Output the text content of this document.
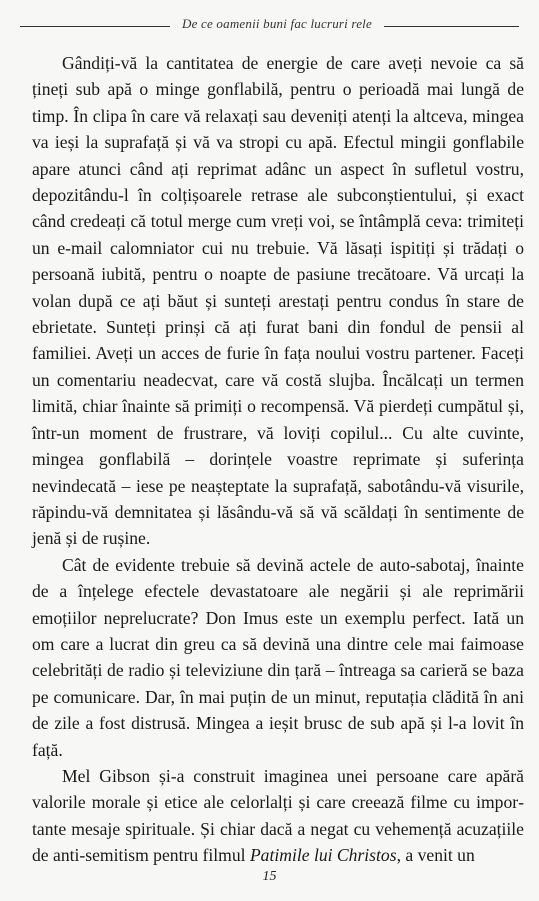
De ce oamenii buni fac lucruri rele

Gândiți-vă la cantitatea de energie de care aveți nevoie ca să țineți sub apă o minge gonflabilă, pentru o perioadă mai lungă de timp. În clipa în care vă relaxați sau deveniți atenți la altceva, mingea va ieși la suprafață și vă va stropi cu apă. Efectul mingii gonflabile apare atunci când ați reprimat adânc un aspect în sufletul vostru, depozitându-l în colțișoarele retrase ale subconștientului, și exact când credeați că totul merge cum vreți voi, se întâmplă ceva: trimiteți un e-mail calomniator cui nu trebuie. Vă lăsați ispitiți și trădați o persoană iubită, pentru o noapte de pasiune trecătoare. Vă urcați la volan după ce ați băut și sunteți arestați pentru condus în stare de ebrietate. Sunteți prinși că ați furat bani din fondul de pensii al familiei. Aveți un acces de furie în fața noului vostru partener. Faceți un comentariu neadecvat, care vă costă slujba. Încălcați un termen limită, chiar înainte să primiți o recompensă. Vă pierdeți cumpătul și, într-un moment de frustrare, vă loviți copilul... Cu alte cuvinte, mingea gonflabilă – dorințele voastre reprimate și suferința nevindecată – iese pe neașteptate la suprafață, sabotându-vă visurile, răpindu-vă demnitatea și lăsându-vă să vă scăldați în sentimente de jenă și de rușine.

Cât de evidente trebuie să devină actele de auto-sabotaj, înainte de a înțelege efectele devastatoare ale negării și ale reprimării emoțiilor neprelucrate? Don Imus este un exemplu perfect. Iată un om care a lucrat din greu ca să devină una dintre cele mai faimoase celebrități de radio și televiziune din țară – întreaga sa carieră se baza pe comunicare. Dar, în mai puțin de un minut, reputația clădită în ani de zile a fost distrusă. Mingea a ieșit brusc de sub apă și l-a lovit în față.

Mel Gibson și-a construit imaginea unei persoane care apără valorile morale și etice ale celorlalți și care creează filme cu importante mesaje spirituale. Și chiar dacă a negat cu vehemență acuzațiile de anti-semitism pentru filmul Patimile lui Christos, a venit un

15
